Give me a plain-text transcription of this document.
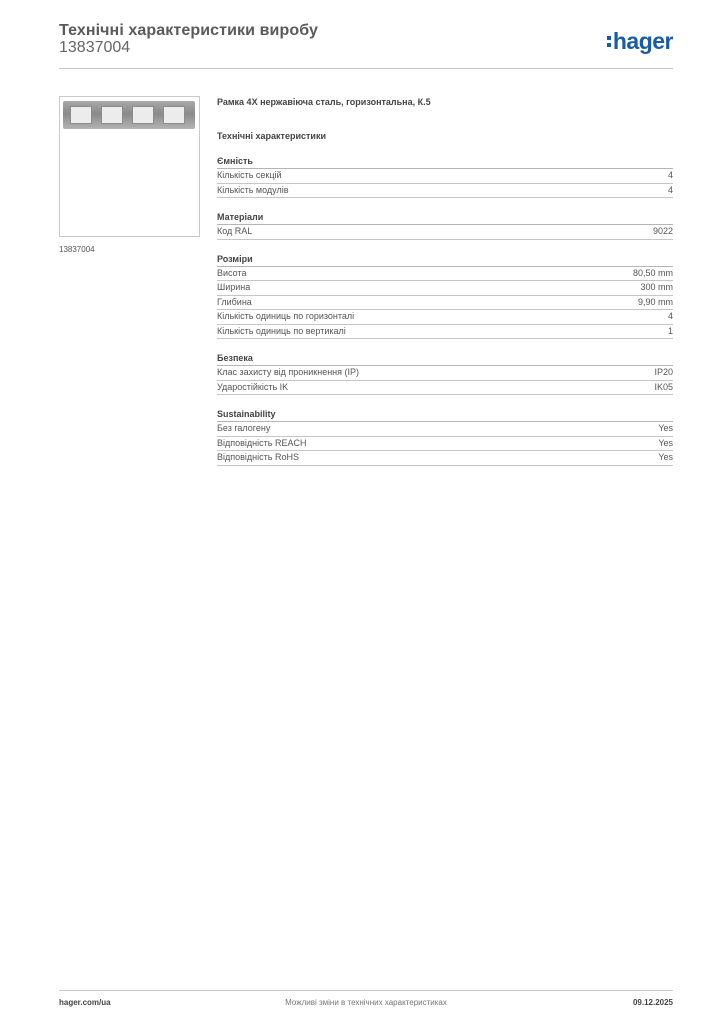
Технічні характеристики виробу
13837004	hager
13837004
Рамка 4X нержавіюча сталь, горизонтальна, К.5
Технічні характеристики
Ємність
Кількість секцій	4
Кількість модулів	4
Матеріали
Код RAL	9022
Розміри
Висота	80,50 mm
Ширина	300 mm
Глибина	9,90 mm
Кількість одиниць по горизонталі	4
Кількість одиниць по вертикалі	1
Безпека
Клас захисту від проникнення (IP)	IP20
Ударостійкість IK	IK05
Sustainability
Без галогену	Yes
Відповідність REACH	Yes
Відповідність RoHS	Yes
hager.com/ua	Можливі зміни в технічних характеристиках	09.12.2025
